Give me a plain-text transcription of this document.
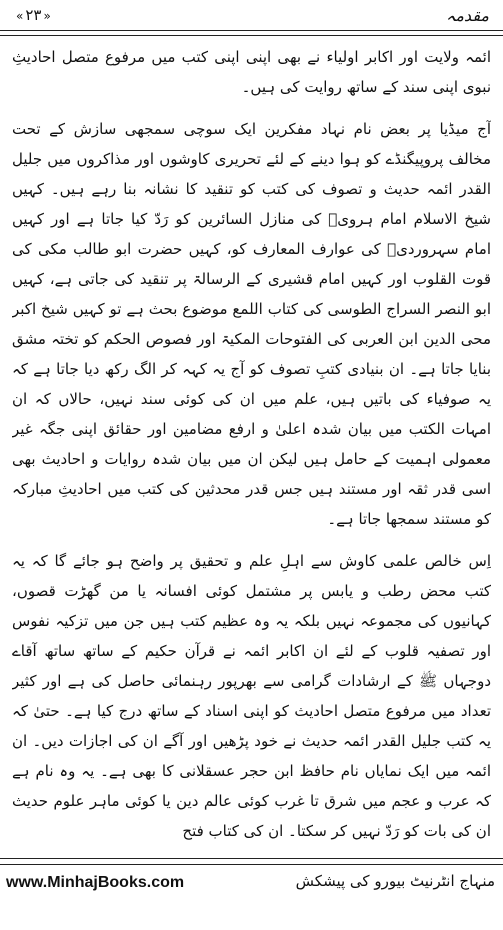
« ۲۳ »	مقدمہ

ائمہ ولایت اور اکابر اولیاء نے بھی اپنی اپنی کتب میں مرفوع متصل احادیثِ نبوی اپنی سند کے ساتھ روایت کی ہیں۔

آج میڈیا پر بعض نام نہاد مفکرین ایک سوچی سمجھی سازش کے تحت مخالف پروپیگنڈے کو ہوا دینے کے لئے تحریری کاوشوں اور مذاکروں میں جلیل القدر ائمہ حدیث و تصوف کی کتب کو تنقید کا نشانہ بنا رہے ہیں۔ کہیں شیخ الاسلام امام ہرویؒ کی منازل السائرین کو رَدّ کیا جاتا ہے اور کہیں امام سہروردیؒ کی عوارف المعارف کو، کہیں حضرت ابو طالب مکی کی قوت القلوب اور کہیں امام قشیری کے الرسالۃ پر تنقید کی جاتی ہے، کہیں ابو النصر السراج الطوسی کی کتاب اللمع موضوع بحث ہے تو کہیں شیخ اکبر محی الدین ابن العربی کی الفتوحات المکیۃ اور فصوص الحکم کو تختہ مشق بنایا جاتا ہے۔ ان بنیادی کتبِ تصوف کو آج یہ کہہ کر الگ رکھ دیا جاتا ہے کہ یہ صوفیاء کی باتیں ہیں، علم میں ان کی کوئی سند نہیں، حالاں کہ ان امہات الکتب میں بیان شدہ اعلیٰ و ارفع مضامین اور حقائق اپنی جگہ غیر معمولی اہمیت کے حامل ہیں لیکن ان میں بیان شدہ روایات و احادیث بھی اسی قدر ثقہ اور مستند ہیں جس قدر محدثین کی کتب میں احادیثِ مبارکہ کو مستند سمجھا جاتا ہے۔

اِس خالص علمی کاوش سے اہلِ علم و تحقیق پر واضح ہو جائے گا کہ یہ کتب محض رطب و یابس پر مشتمل کوئی افسانہ یا من گھڑت قصوں، کہانیوں کی مجموعہ نہیں بلکہ یہ وہ عظیم کتب ہیں جن میں تزکیہ نفوس اور تصفیہ قلوب کے لئے ان اکابر ائمہ نے قرآن حکیم کے ساتھ ساتھ آقاے دوجہاں ﷺ کے ارشادات گرامی سے بھرپور رہنمائی حاصل کی ہے اور کثیر تعداد میں مرفوع متصل احادیث کو اپنی اسناد کے ساتھ درج کیا ہے۔ حتیٰ کہ یہ کتب جلیل القدر ائمہ حدیث نے خود پڑھیں اور آگے ان کی اجازات دیں۔ ان ائمہ میں ایک نمایاں نام حافظ ابن حجر عسقلانی کا بھی ہے۔ یہ وہ نام ہے کہ عرب و عجم میں شرق تا غرب کوئی عالم دین یا کوئی ماہر علوم حدیث ان کی بات کو رَدّ نہیں کر سکتا۔ ان کی کتاب فتح

www.MinhajBooks.com	منہاج انٹرنیٹ بیورو کی پیشکش
